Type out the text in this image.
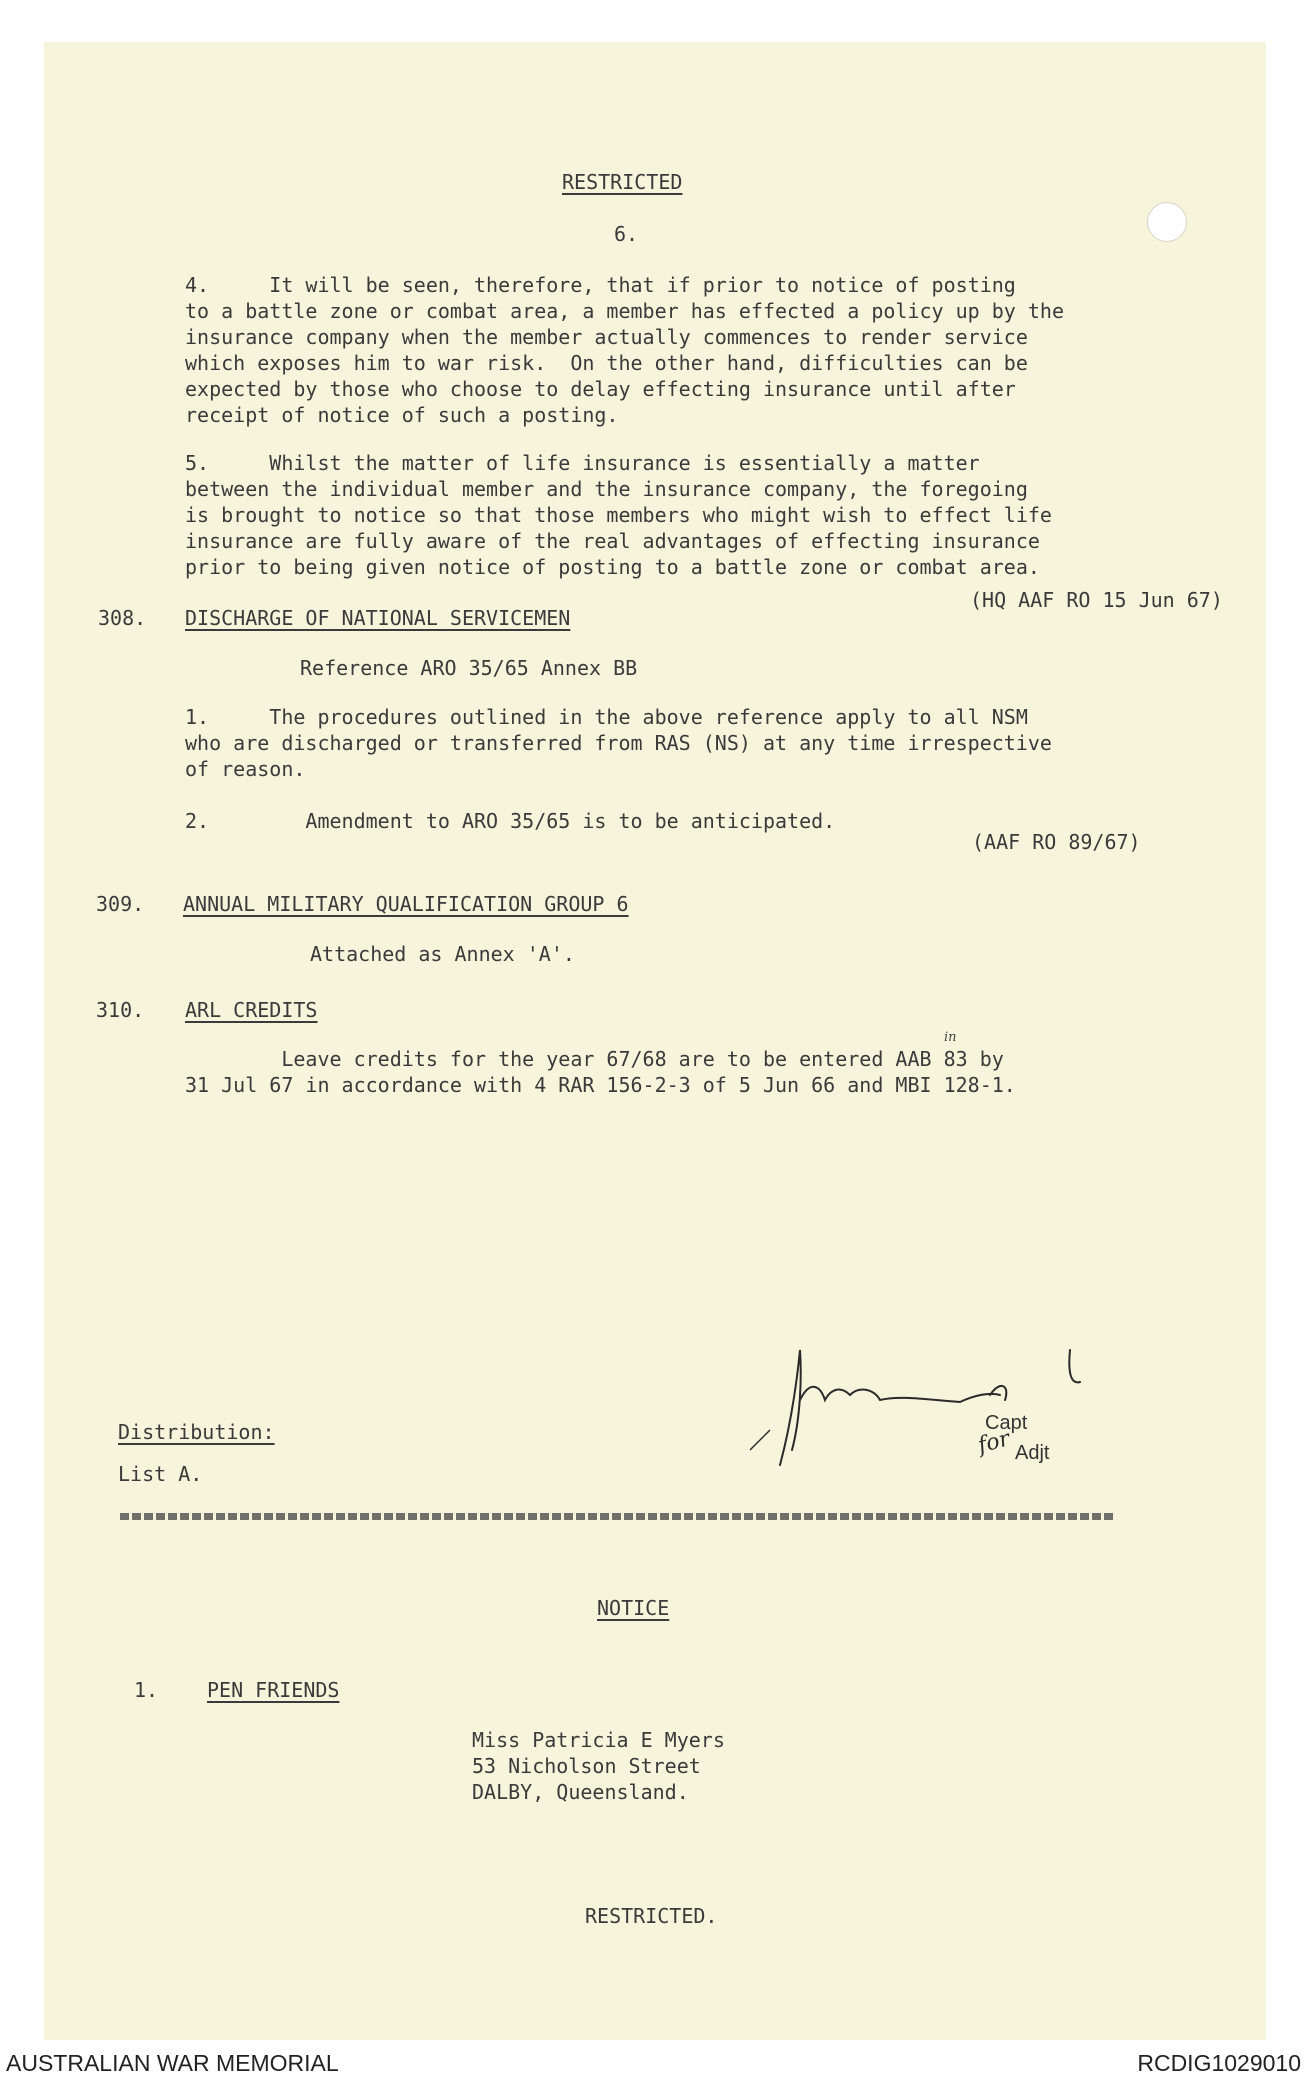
RESTRICTED
6.
4.     It will be seen, therefore, that if prior to notice of posting
to a battle zone or combat area, a member has effected a policy up by the
insurance company when the member actually commences to render service
which exposes him to war risk.  On the other hand, difficulties can be
expected by those who choose to delay effecting insurance until after
receipt of notice of such a posting.
5.     Whilst the matter of life insurance is essentially a matter
between the individual member and the insurance company, the foregoing
is brought to notice so that those members who might wish to effect life
insurance are fully aware of the real advantages of effecting insurance
prior to being given notice of posting to a battle zone or combat area.
(HQ AAF RO 15 Jun 67)
308. DISCHARGE OF NATIONAL SERVICEMEN
Reference ARO 35/65 Annex BB
1.     The procedures outlined in the above reference apply to all NSM
who are discharged or transferred from RAS (NS) at any time irrespective
of reason.
2.        Amendment to ARO 35/65 is to be anticipated.
(AAF RO 89/67)
309. ANNUAL MILITARY QUALIFICATION GROUP 6
Attached as Annex 'A'.
310. ARL CREDITS
in
Leave credits for the year 67/68 are to be entered AAB 83 by
31 Jul 67 in accordance with 4 RAR 156-2-3 of 5 Jun 66 and MBI 128-1.
Capt
for Adjt
Distribution:
List A.
NOTICE
1. PEN FRIENDS
Miss Patricia E Myers
53 Nicholson Street
DALBY, Queensland.
RESTRICTED.
AUSTRALIAN WAR MEMORIAL	RCDIG1029010
